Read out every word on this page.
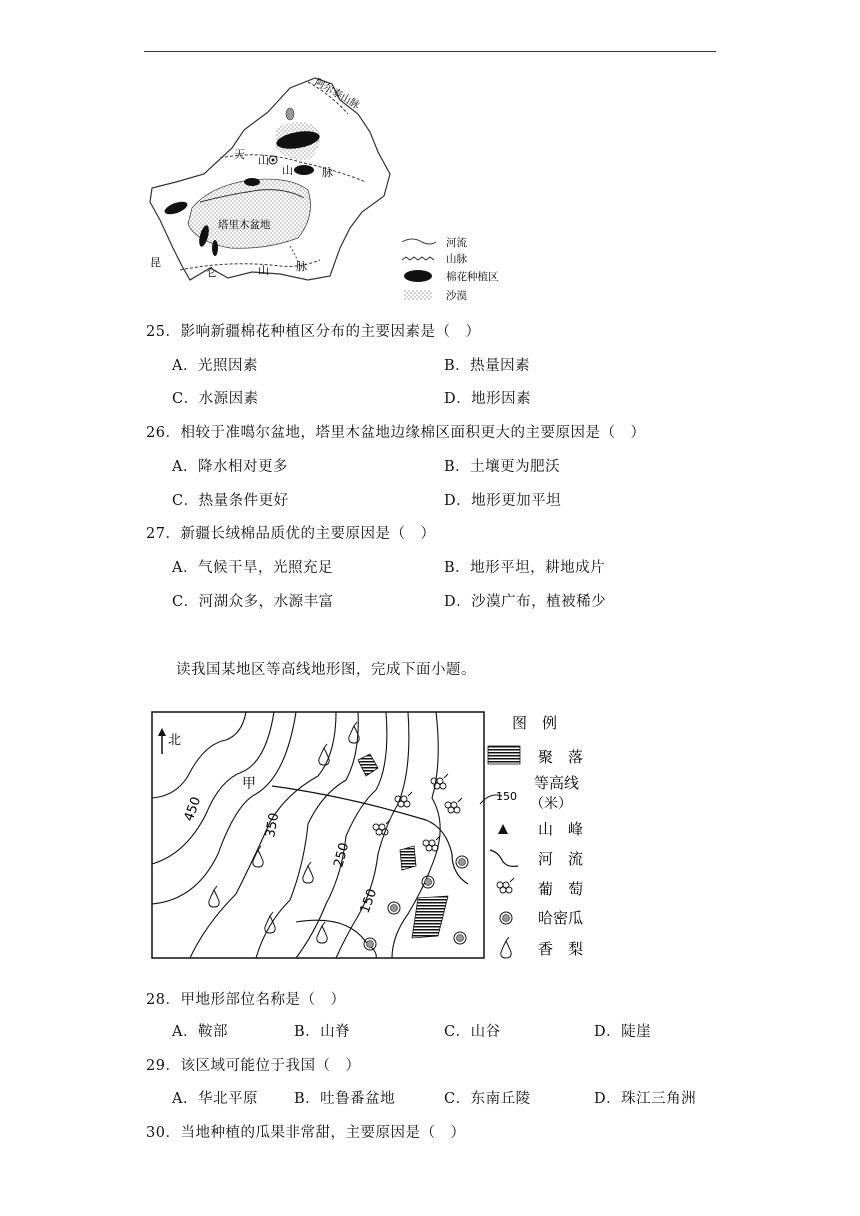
阿尔泰山脉
天 山
山	脉
塔里木盆地
昆
仑	山 脉
河流
山脉
棉花种植区
沙漠
25．影响新疆棉花种植区分布的主要因素是（　）
A．光照因素	B．热量因素
C．水源因素	D．地形因素
26．相较于准噶尔盆地，塔里木盆地边缘棉区面积更大的主要原因是（　）
A．降水相对更多	B．土壤更为肥沃
C．热量条件更好	D．地形更加平坦
27．新疆长绒棉品质优的主要原因是（　）
A．气候干旱，光照充足	B．地形平坦，耕地成片
C．河湖众多，水源丰富	D．沙漠广布，植被稀少
读我国某地区等高线地形图，完成下面小题。
北
450
350
250
150
甲
图　例
聚　落
150
等高线
（米）
山　峰
河　流
葡　萄
哈密瓜
香　梨
28．甲地形部位名称是（　）
A．鞍部	B．山脊	C．山谷	D．陡崖
29．该区域可能位于我国（　）
A．华北平原 B．吐鲁番盆地	C．东南丘陵	D．珠江三角洲
30．当地种植的瓜果非常甜，主要原因是（　）
